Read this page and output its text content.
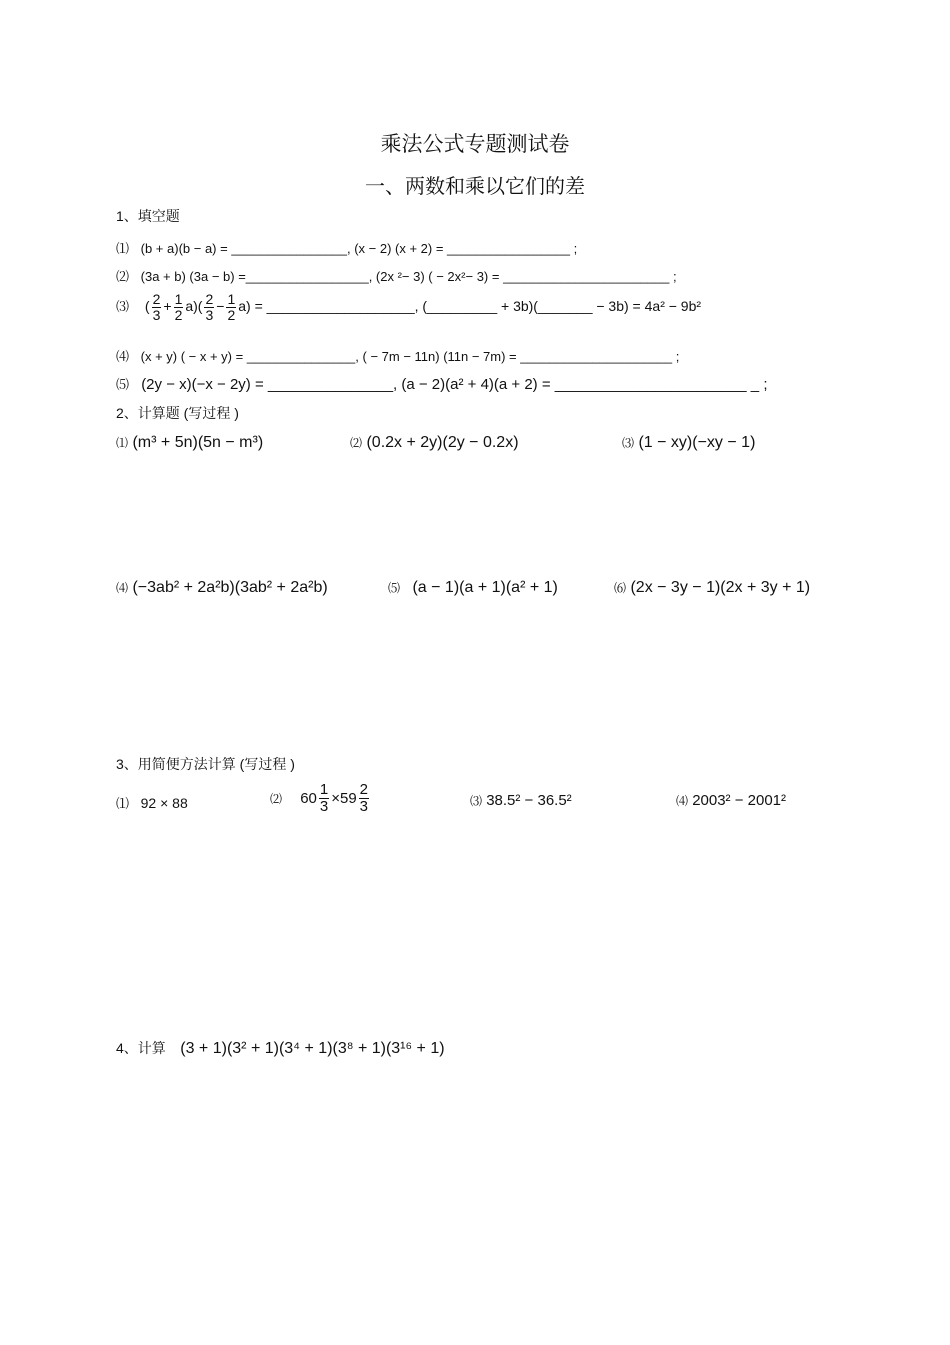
乘法公式专题测试卷
一、两数和乘以它们的差
1、填空题
⑴ (b + a)(b − a) = ________________, (x − 2) (x + 2) = _________________ ;
⑵ (3a + b) (3a − b) =_________________, (2x ²− 3) ( − 2x²− 3) = _______________________ ;
⑶ ( $\frac{2}{3} + \frac{1}{2} a)( \frac{2}{3} - \frac{1}{2} a)$ = ___________________, (_________ + 3b)(_______ − 3b) = 4a² − 9b²
⑷ (x + y) ( − x + y) = _______________, ( − 7m − 11n) (11n − 7m) = _____________________ ;
⑸ (2y − x)(−x − 2y) = _______________, (a − 2)(a² + 4)(a + 2) = _______________________ _ ;
2、计算题 (写过程 )
⑴ (m³ + 5n)(5n − m³)	⑵ (0.2x + 2y)(2y − 0.2x)	⑶ (1 − xy)(−xy − 1)
⑷ (−3ab² + 2a²b)(3ab² + 2a²b)	⑸ (a − 1)(a + 1)(a² + 1)	⑹ (2x − 3y − 1)(2x + 3y + 1)
3、用简便方法计算 (写过程 )
⑴ 92 × 88	⑵ $60 \frac{1}{3} \times 59 \frac{2}{3}$	⑶ 38.5² − 36.5²	⑷ 2003² − 2001²
4、计算 (3 + 1)(3² + 1)(3⁴ + 1)(3⁸ + 1)(3¹⁶ + 1)
